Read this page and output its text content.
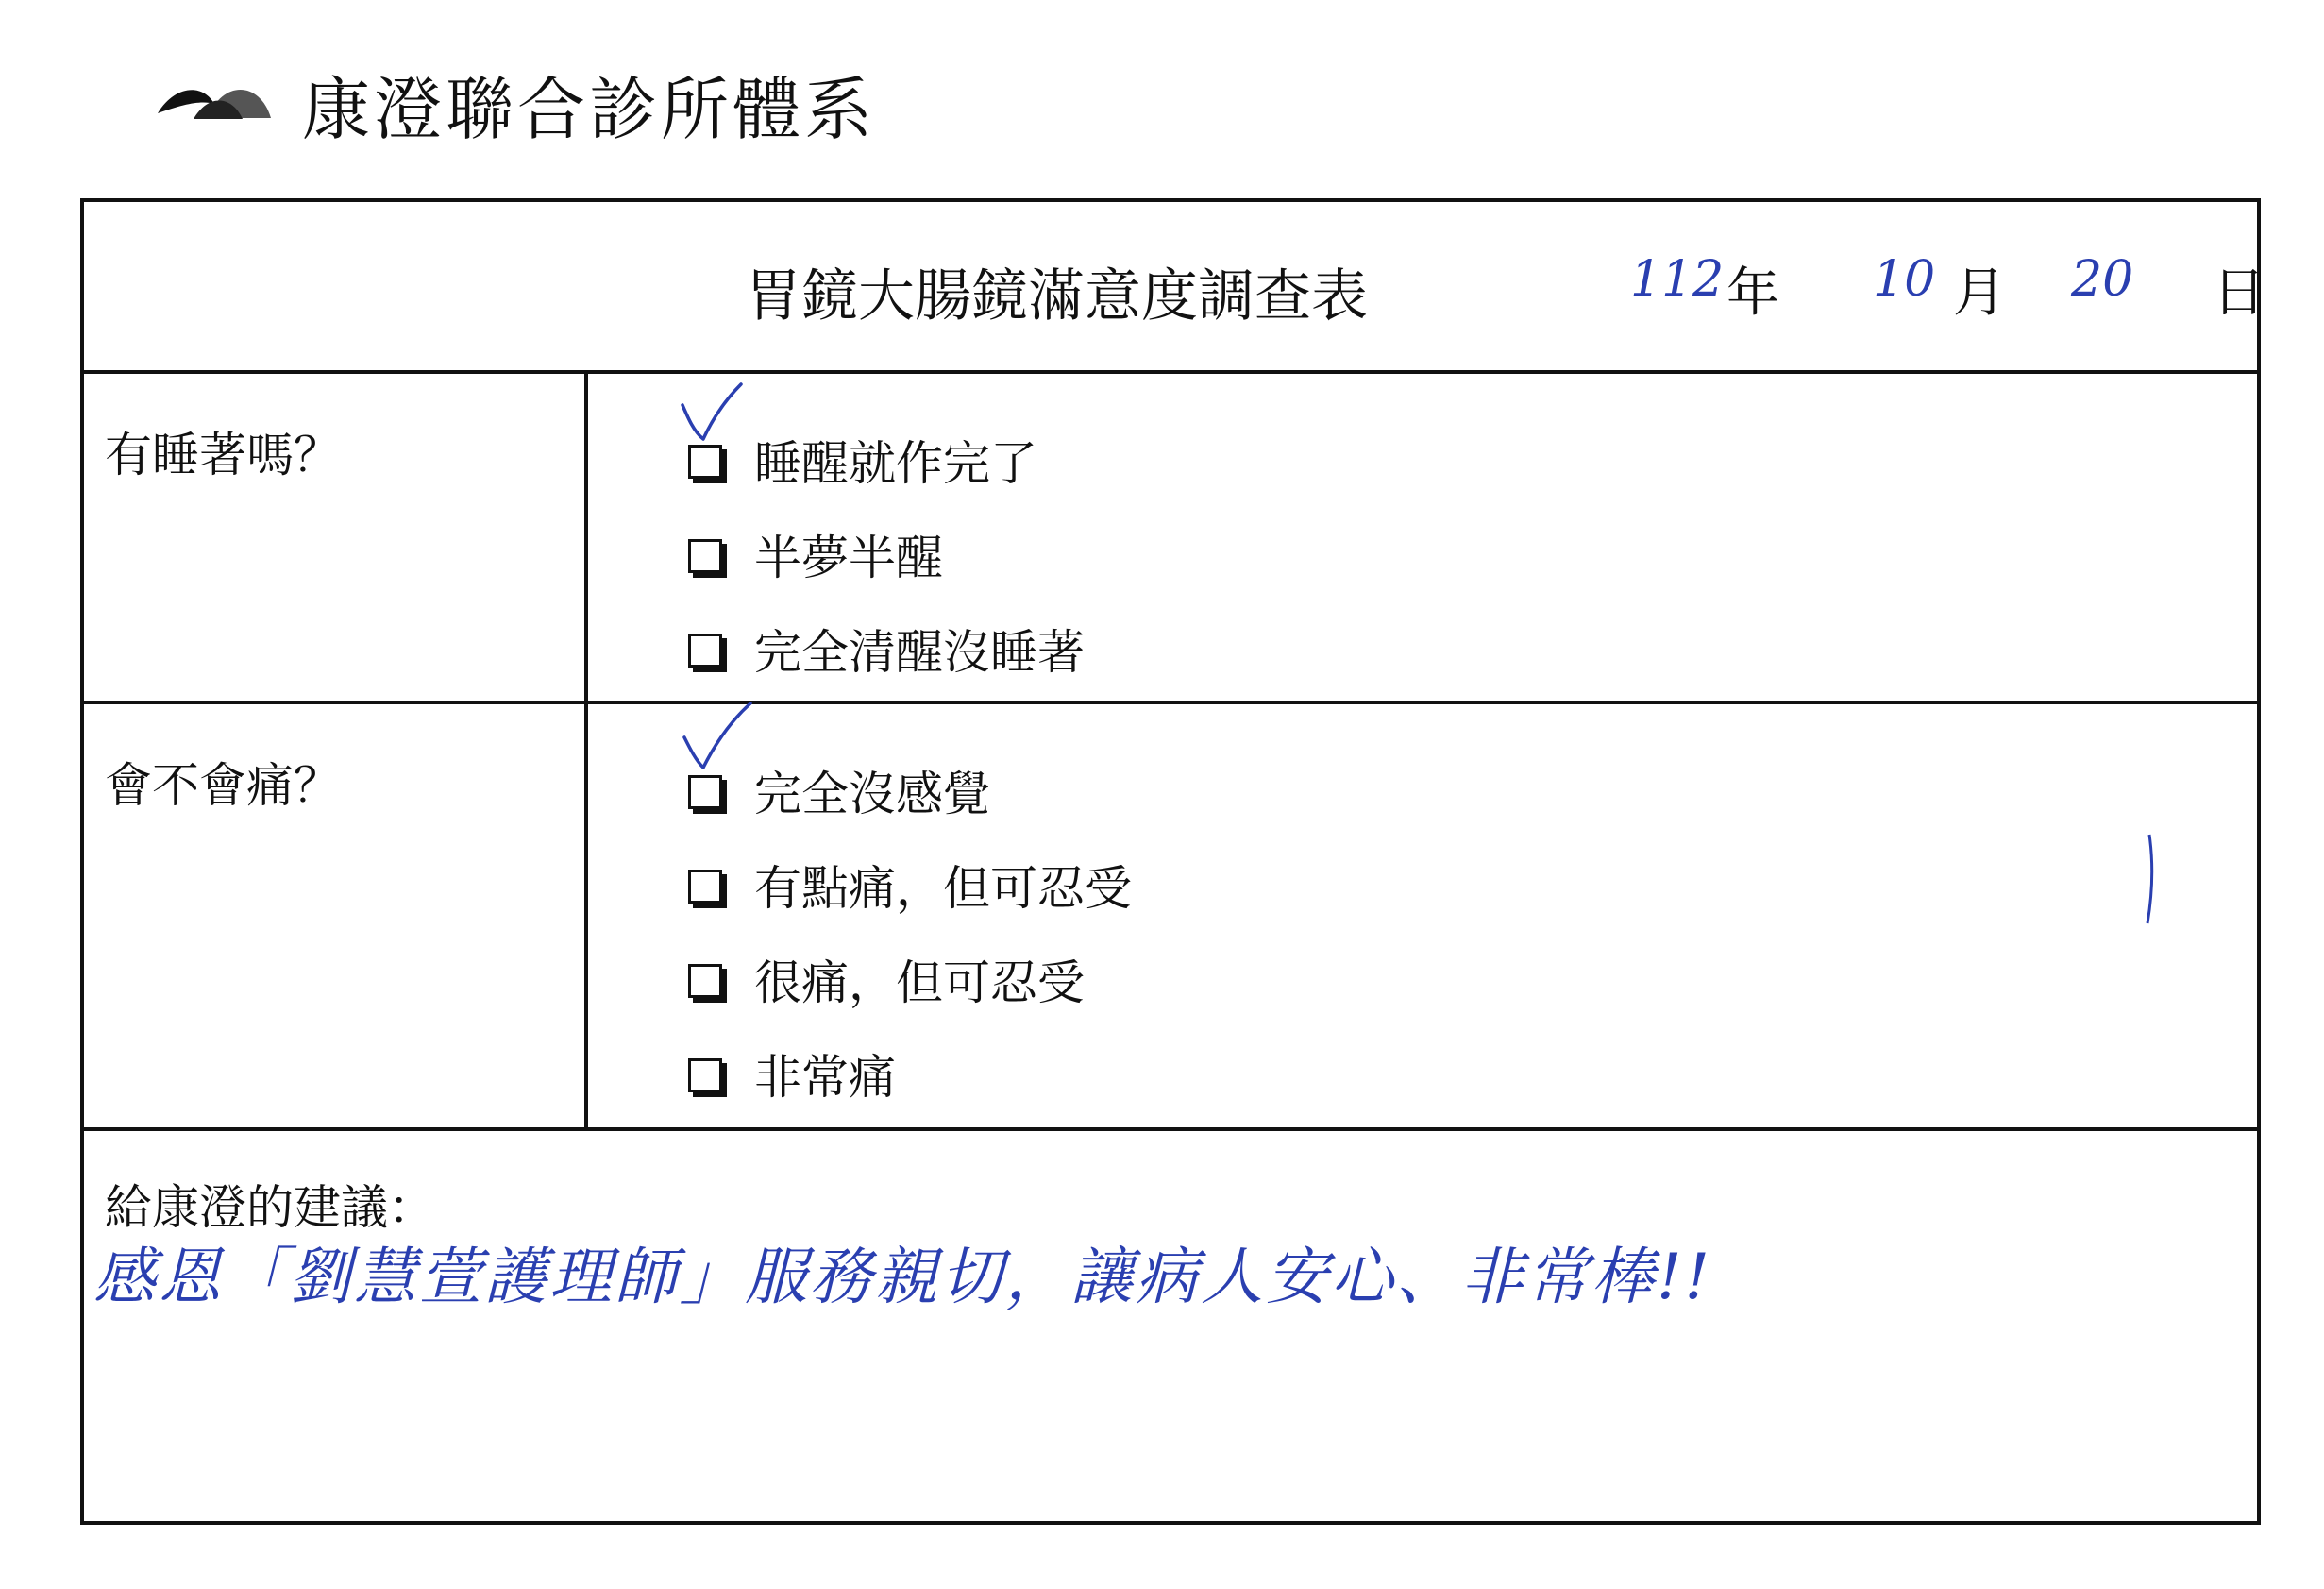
康澄聯合診所體系
胃鏡大腸鏡滿意度調查表	112 年 10 月 20 日
有睡著嗎？	睡醒就作完了
半夢半醒
完全清醒沒睡著
會不會痛？	完全沒感覺
有點痛，但可忍受
很痛，但可忍受
非常痛
給康澄的建議：
感恩「劉慧萱護理師」服務親切，讓病人安心、非常棒!!
